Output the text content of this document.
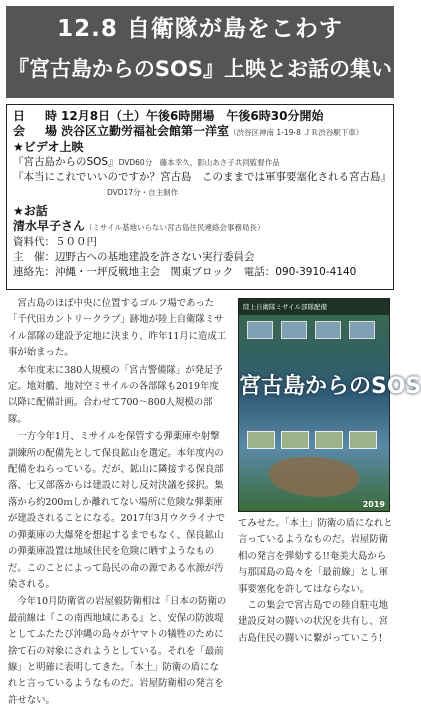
12.8 自衛隊が島をこわす
『宮古島からのSOS』上映とお話の集い
日　時 12月8日（土）午後6時開場　午後6時30分開始
会　場 渋谷区立勤労福祉会館第一洋室 （渋谷区神南 1-19-8 ＪＲ渋谷駅下車）
★ビデオ上映
『宮古島からのSOS』 DVD60分　藤本幸久、影山あさ子共同監督作品
『本当にこれでいいのですか？宮古島　このままでは軍事要塞化される宮古島』
DVD17分・自主制作
★お話
清水早子さん （ミサイル基地いらない宮古島住民連絡会事務局長）
資料代： ５００円
主　催 ：辺野古への基地建設を許さない実行委員会
連絡先 ：沖縄・一坪反戦地主会　関東ブロック　電話：090-3910-4140

宮古島のほぼ中央に位置するゴルフ場であった「千代田カントリークラブ」跡地が陸上自衛隊ミサイル部隊の建設予定地に決まり、昨年11月に造成工事が始まった。

本年度末に380人規模の「宮古警備隊」が発足予定。地対艦、地対空ミサイルの各部隊も2019年度以降に配備計画。合わせて700〜800人規模の部隊。

一方今年1月、ミサイルを保管する弾薬庫や射撃訓練所の配備先として保良鉱山を選定。本年度内の配備をねらっている。だが、鉱山に隣接する保良部落、七又部落からは建設に対し反対決議を採択。集落から約200ｍしか離れてない場所に危険な弾薬庫が建設されることになる。2017年3月ウクライナでの弾薬庫の大爆発を想起するまでもなく、保良鉱山の弾薬庫設置は地域住民を危険に晒すようなものだ。このことによって島民の命の源である水源が汚染される。

今年10月防衛省の岩屋毅防衛相は「日本の防衛の最前線は『この南西地域にある』と、安保の防波堤としてふたたび沖縄の島々がヤマトの犠牲のために捨て石の対象にされようとしている。それを「最前線」と明確に表明してきた。「本土」防衛の盾になれと言っているようなものだ。岩屋防衛相の発言を許せない。

陸上自衛隊ミサイル部隊配備
宮古島からのSOS
2019

てみせた。「本土」防衛の盾になれと言っているようなものだ。岩屋防衛相の発言を弾劾する!!奄美大島から与那国島の島々を「最前線」とし軍事要塞化を許してはならない。

この集会で宮古島での陸自駐屯地建設反対の闘いの状況を共有し、宮古島住民の闘いに繋がっていこう!
